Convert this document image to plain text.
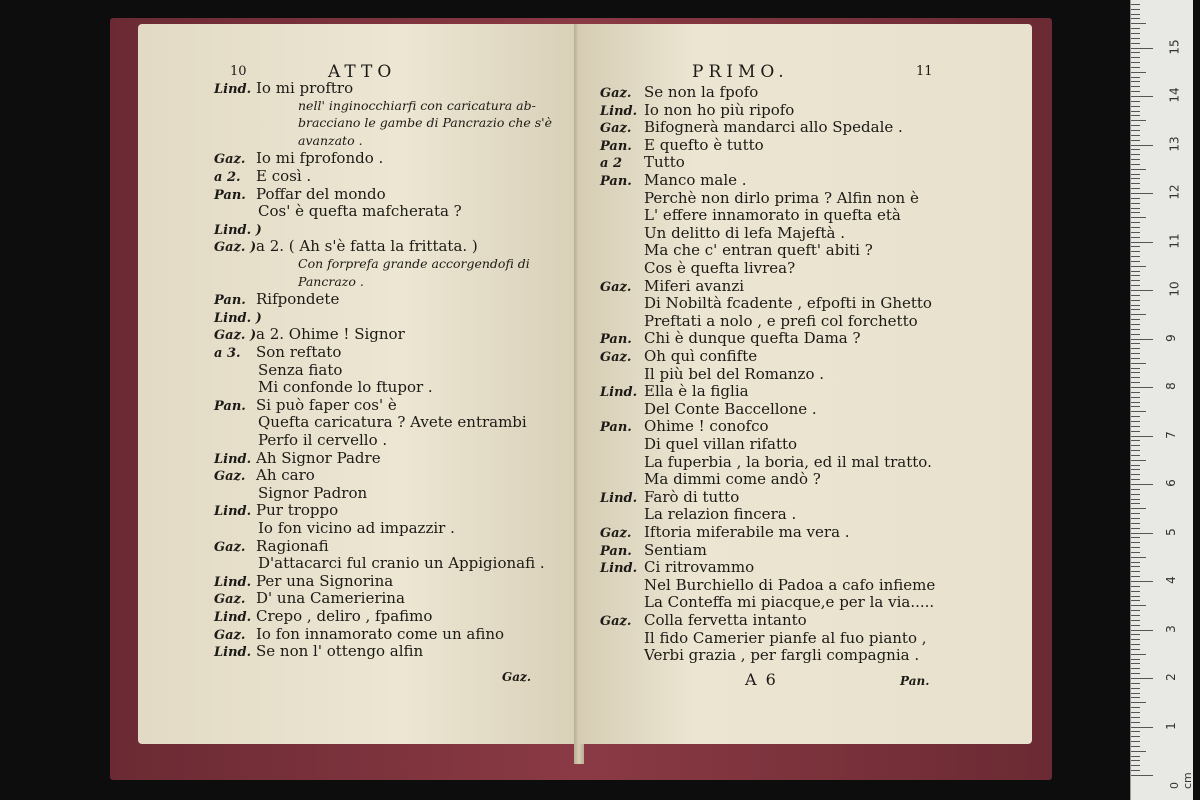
10	ATTO
Lind. Io mi proftro
nell' inginocchiarfi con caricatura ab-
bracciano le gambe di Pancrazio che s'è
avanzato .
Gaz. Io mi fprofondo .
a 2. E così .
Pan. Poffar del mondo
Cos' è quefta mafcherata ?
Lind. )
Gaz. )a 2. ( Ah s'è fatta la frittata. )
Con forprefa grande accorgendofi di
Pancrazo .
Pan. Rifpondete
Lind. )
Gaz. )a 2. Ohime ! Signor
a 3. Son reftato
Senza fiato
Mi confonde lo ftupor .
Pan. Si può faper cos' è
Quefta caricatura ? Avete entrambi
Perfo il cervello .
Lind. Ah Signor Padre
Gaz. Ah caro
Signor Padron
Lind. Pur troppo
Io fon vicino ad impazzir .
Gaz. Ragionafi
D'attacarci ful cranio un Appigionafi .
Lind. Per una Signorina
Gaz. D' una Camerierina
Lind. Crepo , deliro , fpafimo
Gaz. Io fon innamorato come un afino
Lind. Se non l' ottengo alfin
Gaz.
PRIMO.	11
Gaz. Se non la fpofo
Lind. Io non ho più ripofo
Gaz. Bifognerà mandarci allo Spedale .
Pan. E quefto è tutto
a 2 Tutto
Pan. Manco male .
Perchè non dirlo prima ? Alfin non è
L' effere innamorato in quefta età
Un delitto di lefa Majeftà .
Ma che c' entran queft' abiti ?
Cos è quefta livrea?
Gaz. Miferi avanzi
Di Nobiltà fcadente , efpofti in Ghetto
Preftati a nolo , e prefi col forchetto
Pan. Chi è dunque quefta Dama ?
Gaz. Oh quì confifte
Il più bel del Romanzo .
Lind. Ella è la figlia
Del Conte Baccellone .
Pan. Ohime ! conofco
Di quel villan rifatto
La fuperbia , la boria, ed il mal tratto.
Ma dimmi come andò ?
Lind. Farò di tutto
La relazion fincera .
Gaz. Iftoria miferabile ma vera .
Pan. Sentiam
Lind. Ci ritrovammo
Nel Burchiello di Padoa a cafo infieme
La Conteffa mi piacque,e per la via.....
Gaz. Colla fervetta intanto
Il fido Camerier pianfe al fuo pianto ,
Verbi grazia , per fargli compagnia .
A 6	Pan.
15
14
13
12
11
10
9
8
7
6
5
4
3
2
1
0 cm
